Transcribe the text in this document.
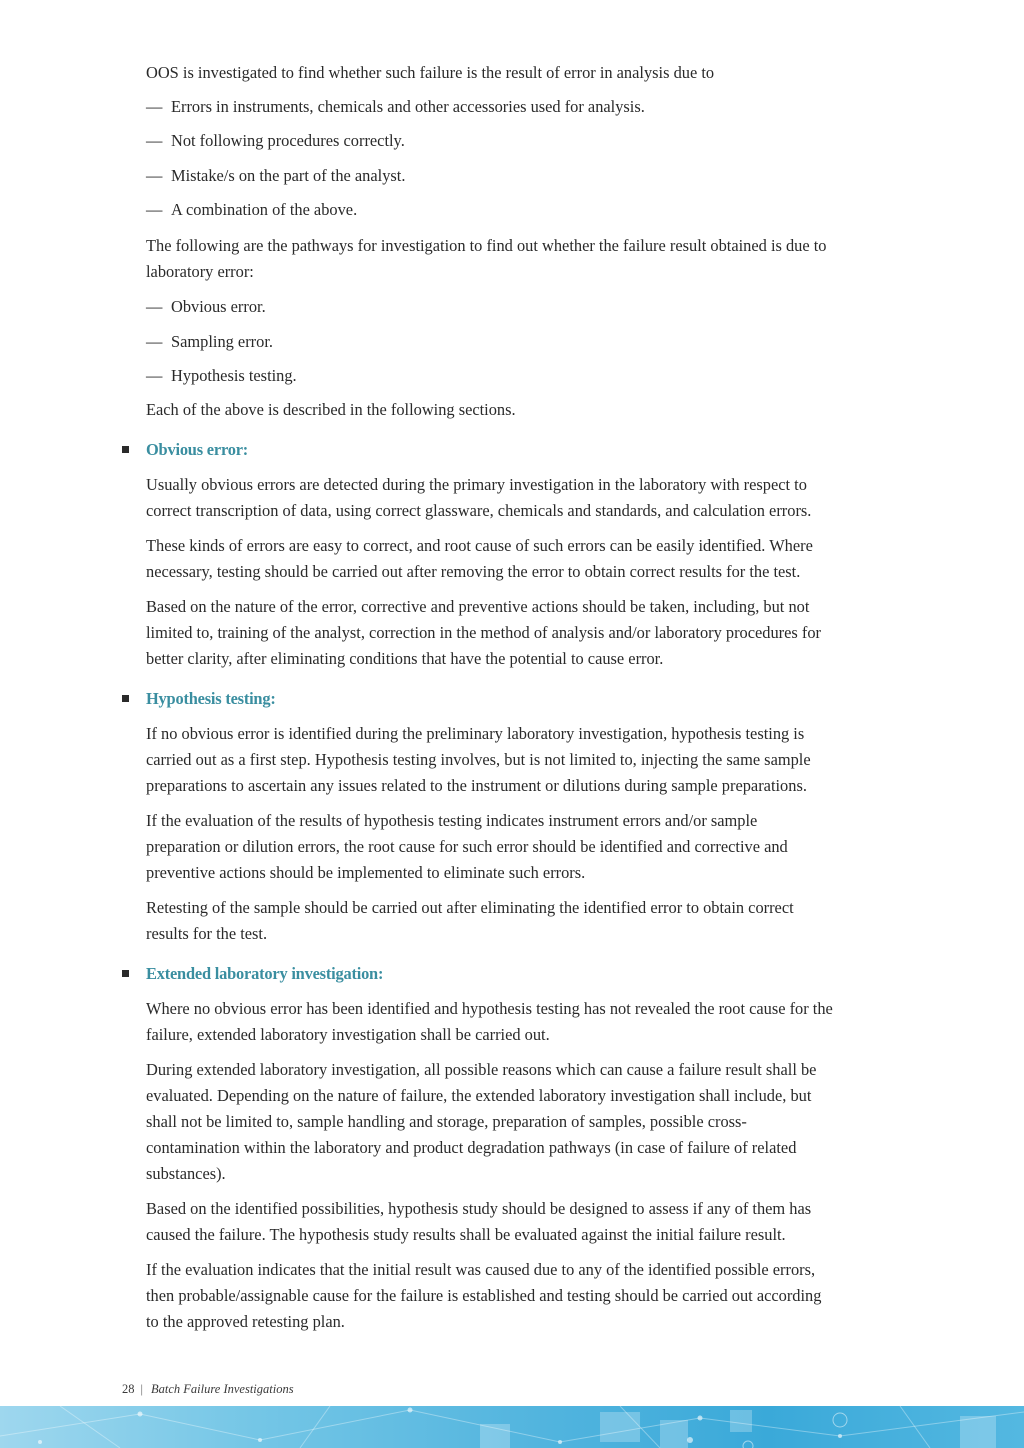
OOS is investigated to find whether such failure is the result of error in analysis due to

— Errors in instruments, chemicals and other accessories used for analysis.
— Not following procedures correctly.
— Mistake/s on the part of the analyst.
— A combination of the above.

The following are the pathways for investigation to find out whether the failure result obtained is due to laboratory error:

— Obvious error.
— Sampling error.
— Hypothesis testing.

Each of the above is described in the following sections.

Obvious error:

Usually obvious errors are detected during the primary investigation in the laboratory with respect to correct transcription of data, using correct glassware, chemicals and standards, and calculation errors.

These kinds of errors are easy to correct, and root cause of such errors can be easily identified. Where necessary, testing should be carried out after removing the error to obtain correct results for the test.

Based on the nature of the error, corrective and preventive actions should be taken, including, but not limited to, training of the analyst, correction in the method of analysis and/or laboratory procedures for better clarity, after eliminating conditions that have the potential to cause error.

Hypothesis testing:

If no obvious error is identified during the preliminary laboratory investigation, hypothesis testing is carried out as a first step. Hypothesis testing involves, but is not limited to, injecting the same sample preparations to ascertain any issues related to the instrument or dilutions during sample preparations.

If the evaluation of the results of hypothesis testing indicates instrument errors and/or sample preparation or dilution errors, the root cause for such error should be identified and corrective and preventive actions should be implemented to eliminate such errors.

Retesting of the sample should be carried out after eliminating the identified error to obtain correct results for the test.

Extended laboratory investigation:

Where no obvious error has been identified and hypothesis testing has not revealed the root cause for the failure, extended laboratory investigation shall be carried out.

During extended laboratory investigation, all possible reasons which can cause a failure result shall be evaluated. Depending on the nature of failure, the extended laboratory investigation shall include, but shall not be limited to, sample handling and storage, preparation of samples, possible cross-contamination within the laboratory and product degradation pathways (in case of failure of related substances).

Based on the identified possibilities, hypothesis study should be designed to assess if any of them has caused the failure. The hypothesis study results shall be evaluated against the initial failure result.

If the evaluation indicates that the initial result was caused due to any of the identified possible errors, then probable/assignable cause for the failure is established and testing should be carried out according to the approved retesting plan.

28 | Batch Failure Investigations
